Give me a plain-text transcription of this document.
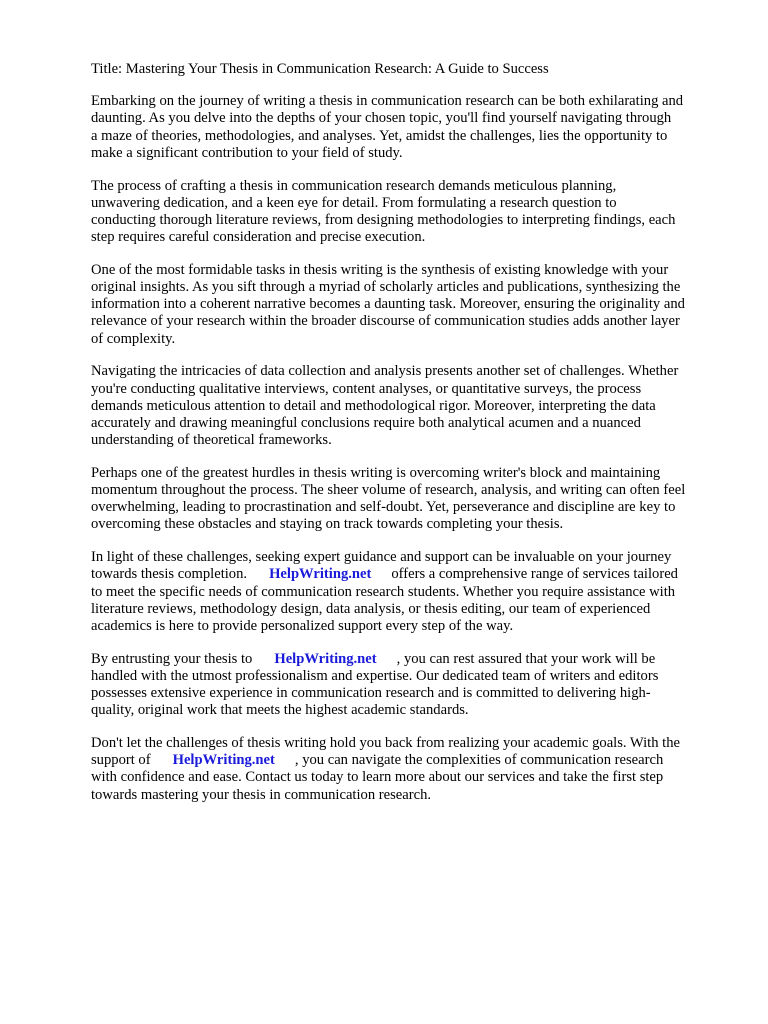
Title: Mastering Your Thesis in Communication Research: A Guide to Success
Embarking on the journey of writing a thesis in communication research can be both exhilarating and
daunting. As you delve into the depths of your chosen topic, you'll find yourself navigating through
a maze of theories, methodologies, and analyses. Yet, amidst the challenges, lies the opportunity to
make a significant contribution to your field of study.
The process of crafting a thesis in communication research demands meticulous planning,
unwavering dedication, and a keen eye for detail. From formulating a research question to
conducting thorough literature reviews, from designing methodologies to interpreting findings, each
step requires careful consideration and precise execution.
One of the most formidable tasks in thesis writing is the synthesis of existing knowledge with your
original insights. As you sift through a myriad of scholarly articles and publications, synthesizing the
information into a coherent narrative becomes a daunting task. Moreover, ensuring the originality and
relevance of your research within the broader discourse of communication studies adds another layer
of complexity.
Navigating the intricacies of data collection and analysis presents another set of challenges. Whether
you're conducting qualitative interviews, content analyses, or quantitative surveys, the process
demands meticulous attention to detail and methodological rigor. Moreover, interpreting the data
accurately and drawing meaningful conclusions require both analytical acumen and a nuanced
understanding of theoretical frameworks.
Perhaps one of the greatest hurdles in thesis writing is overcoming writer's block and maintaining
momentum throughout the process. The sheer volume of research, analysis, and writing can often feel
overwhelming, leading to procrastination and self-doubt. Yet, perseverance and discipline are key to
overcoming these obstacles and staying on track towards completing your thesis.
In light of these challenges, seeking expert guidance and support can be invaluable on your journey
towards thesis completion. HelpWriting.net offers a comprehensive range of services tailored
to meet the specific needs of communication research students. Whether you require assistance with
literature reviews, methodology design, data analysis, or thesis editing, our team of experienced
academics is here to provide personalized support every step of the way.
By entrusting your thesis to HelpWriting.net , you can rest assured that your work will be
handled with the utmost professionalism and expertise. Our dedicated team of writers and editors
possesses extensive experience in communication research and is committed to delivering high-
quality, original work that meets the highest academic standards.
Don't let the challenges of thesis writing hold you back from realizing your academic goals. With the
support of HelpWriting.net , you can navigate the complexities of communication research
with confidence and ease. Contact us today to learn more about our services and take the first step
towards mastering your thesis in communication research.
